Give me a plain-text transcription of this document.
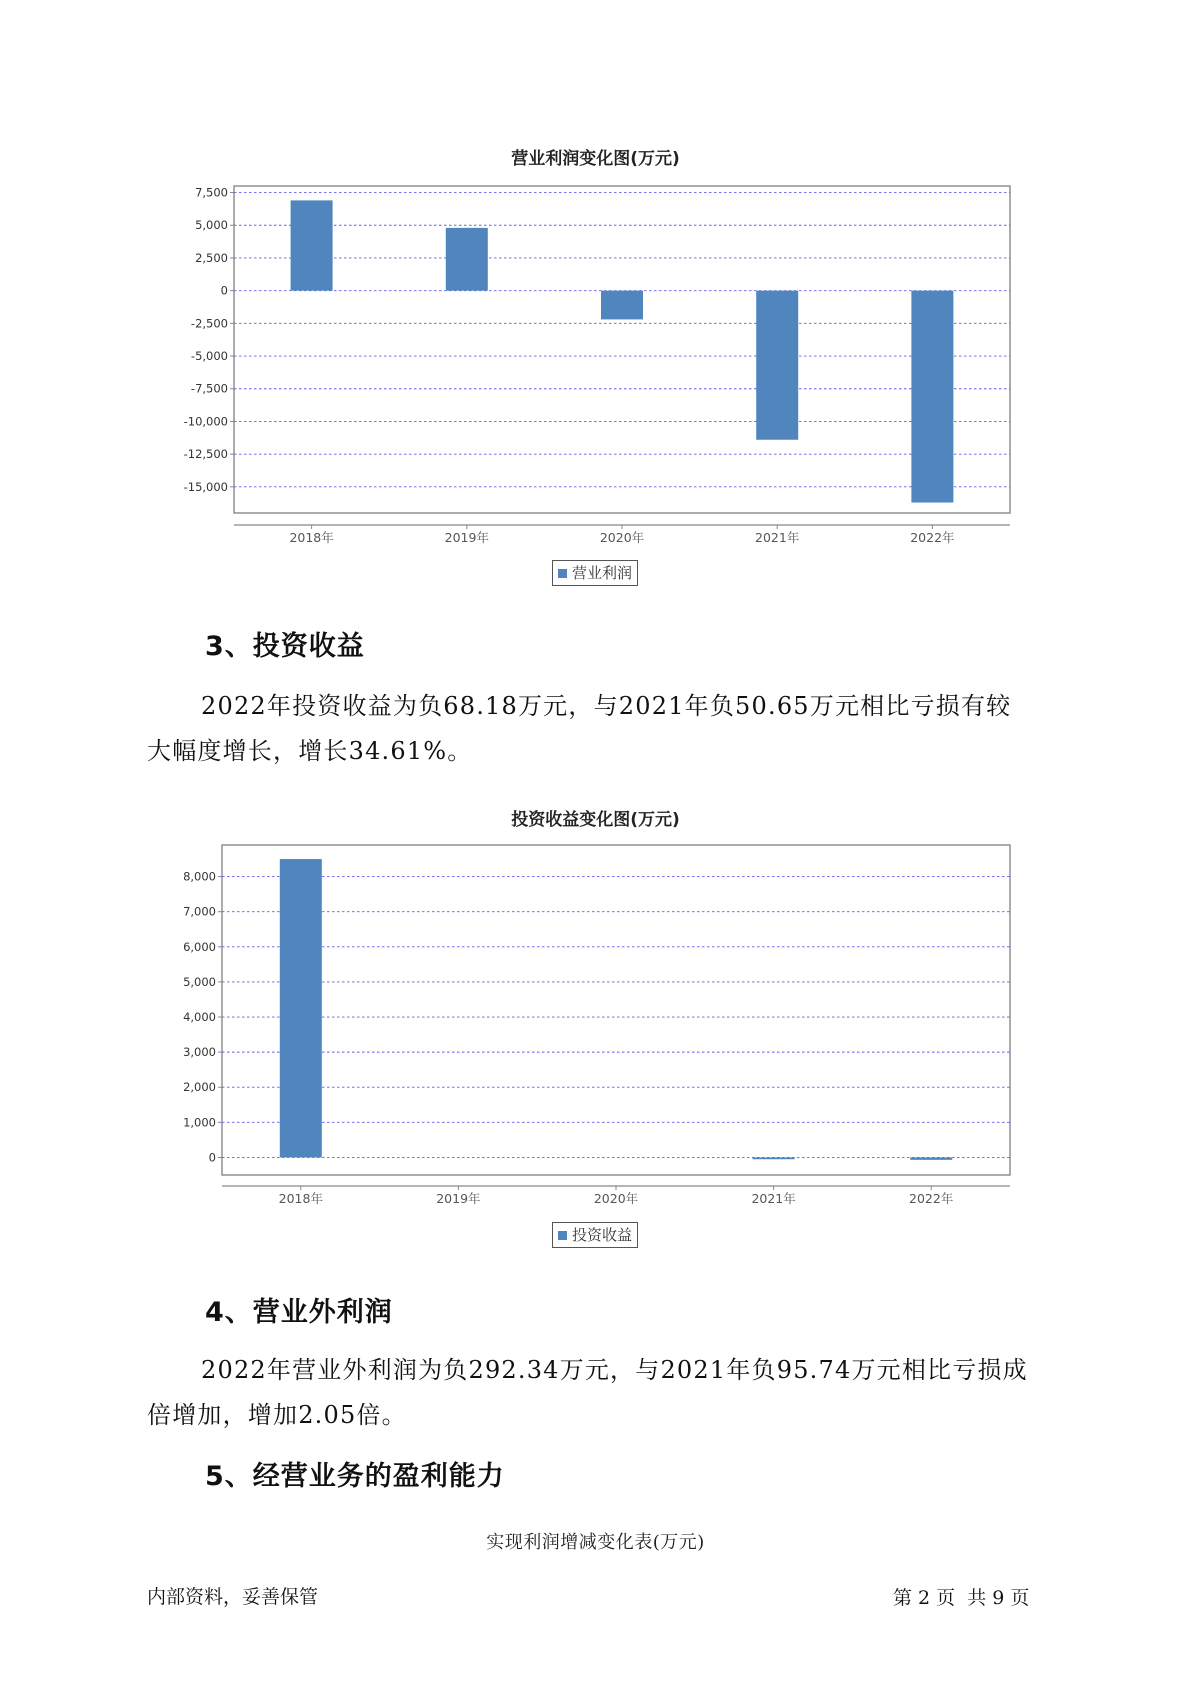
营业利润变化图(万元)
7,500
5,000
2,500
0
-2,500
-5,000
-7,500
-10,000
-12,500
-15,000
2018年	2019年	2020年	2021年	2022年
营业利润
3、投资收益
2022年投资收益为负68.18万元，与2021年负50.65万元相比亏损有较
大幅度增长，增长34.61%。
投资收益变化图(万元)
8,000
7,000
6,000
5,000
4,000
3,000
2,000
1,000
0
2018年	2019年	2020年	2021年	2022年
投资收益
4、营业外利润
2022年营业外利润为负292.34万元，与2021年负95.74万元相比亏损成
倍增加，增加2.05倍。
5、经营业务的盈利能力
实现利润增减变化表(万元)
内部资料，妥善保管	第 2 页  共 9 页
